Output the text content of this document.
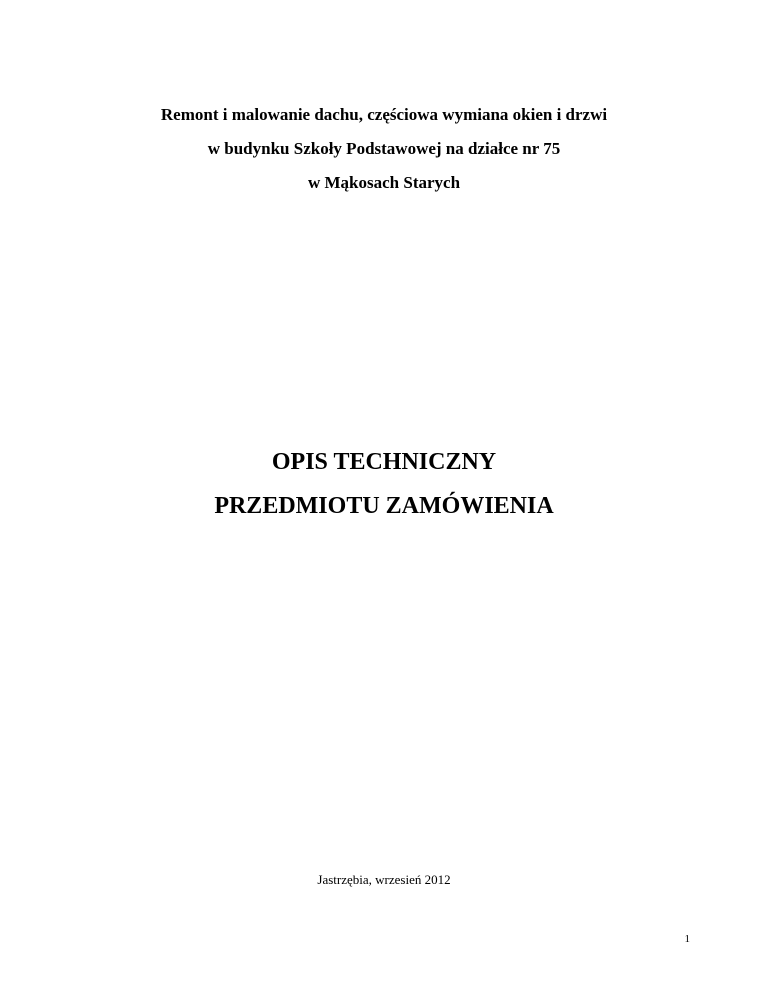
Remont i malowanie dachu, częściowa wymiana okien i drzwi
w budynku Szkoły Podstawowej na działce nr 75
w Mąkosach Starych
OPIS TECHNICZNY
PRZEDMIOTU ZAMÓWIENIA
Jastrzębia, wrzesień 2012
1
